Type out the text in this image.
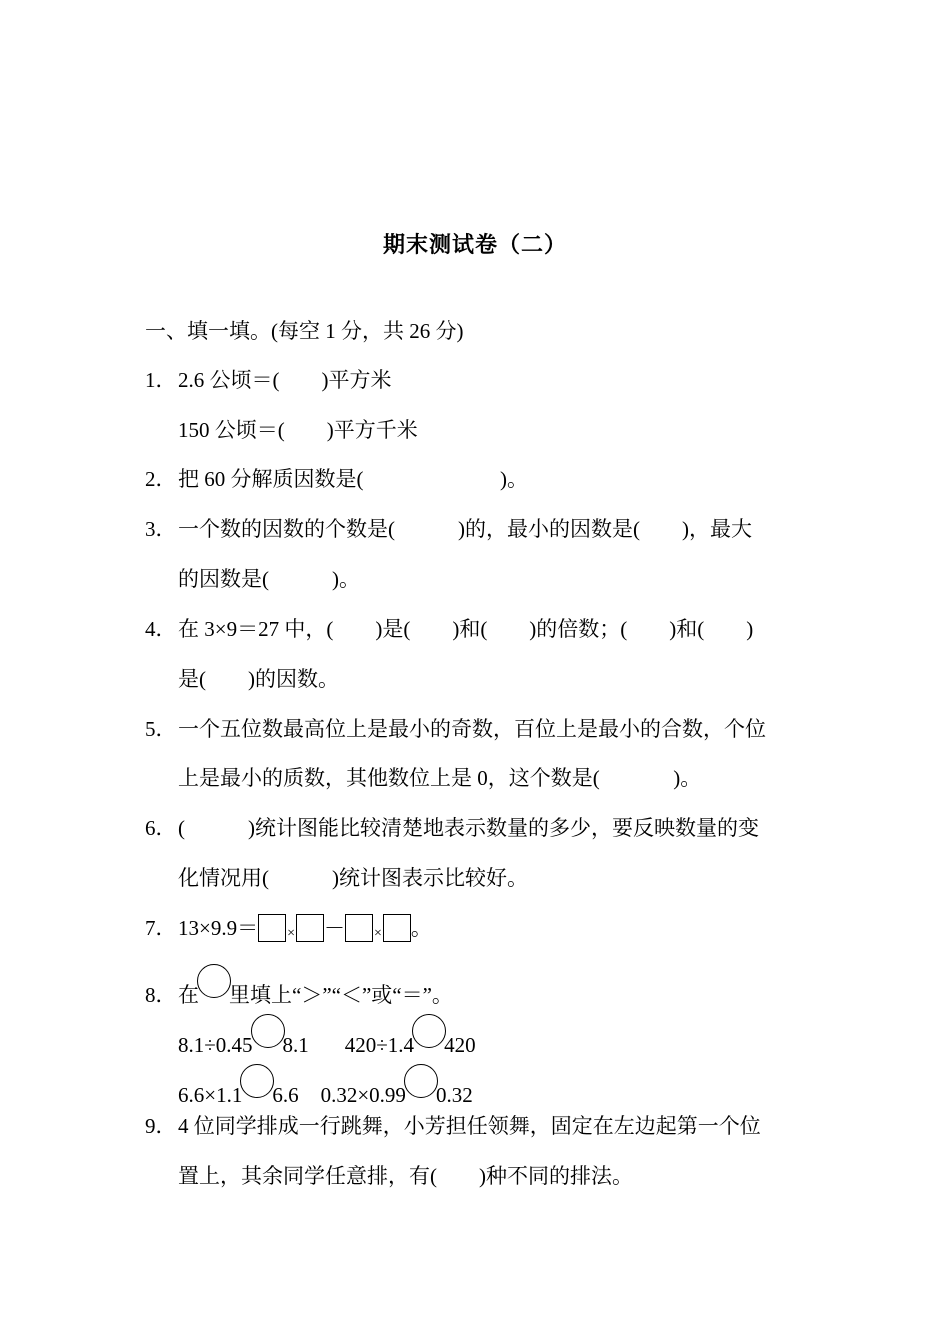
期末测试卷（二）
一、填一填。(每空 1 分，共 26 分)
1．2.6 公顷＝(        )平方米
150 公顷＝(        )平方千米
2．把 60 分解质因数是(                          )。
3．一个数的因数的个数是(            )的，最小的因数是(        )，最大
的因数是(            )。
4．在 3×9＝27 中，(        )是(        )和(        )的倍数；(        )和(        )
是(        )的因数。
5．一个五位数最高位上是最小的奇数，百位上是最小的合数，个位
上是最小的质数，其他数位上是 0，这个数是(              )。
6．(            )统计图能比较清楚地表示数量的多少，要反映数量的变
化情况用(            )统计图表示比较好。
7．13×9.9＝ × － × 。
8．在 里填上“＞”“＜”或“＝”。
8.1÷0.45 8.1 420÷1.4 420
6.6×1.1 6.6 0.32×0.99 0.32
9．4 位同学排成一行跳舞，小芳担任领舞，固定在左边起第一个位
置上，其余同学任意排，有(        )种不同的排法。
